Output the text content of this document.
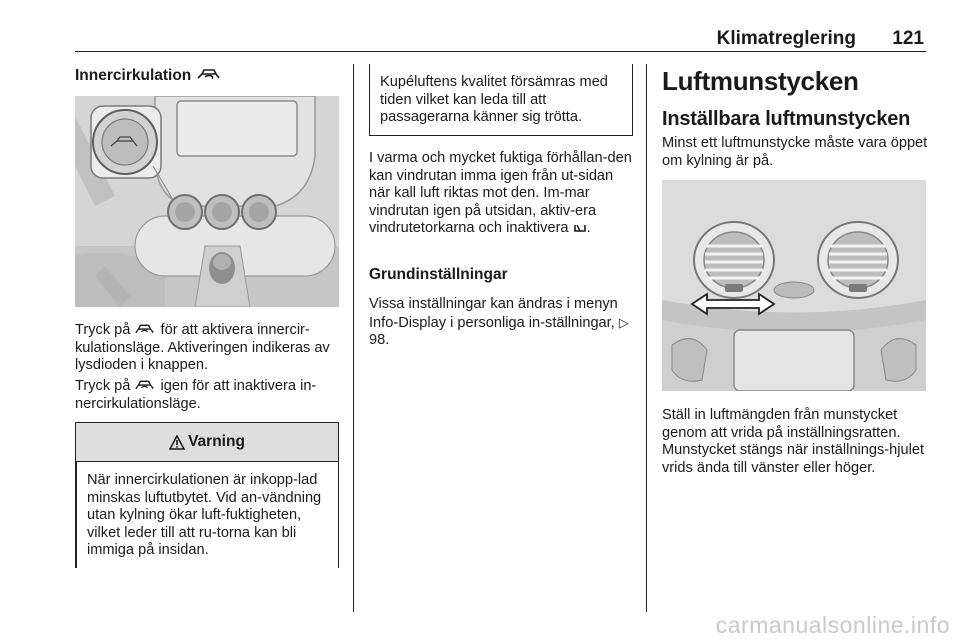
Klimatreglering 121
Innercirkulation

Tryck på för att aktivera innercir-kulationsläge. Aktiveringen indikeras av lysdioden i knappen.

Tryck på igen för att inaktivera in-nercirkulationsläge.

Varning

När innercirkulationen är inkopp-lad minskas luftutbytet. Vid an-vändning utan kylning ökar luft-fuktigheten, vilket leder till att ru-torna kan bli immiga på insidan.

Kupéluftens kvalitet försämras med tiden vilket kan leda till att passagerarna känner sig trötta.

I varma och mycket fuktiga förhållan-den kan vindrutan imma igen från ut-sidan när kall luft riktas mot den. Im-mar vindrutan igen på utsidan, aktiv-era vindrutetorkarna och inaktivera .

Grundinställningar

Vissa inställningar kan ändras i menyn Info-Display i personliga in-ställningar, ▷ 98.

Luftmunstycken
Inställbara luftmunstycken

Minst ett luftmunstycke måste vara öppet om kylning är på.

Ställ in luftmängden från munstycket genom att vrida på inställningsratten. Munstycket stängs när inställnings-hjulet vrids ända till vänster eller höger.

carmanualsonline.info
